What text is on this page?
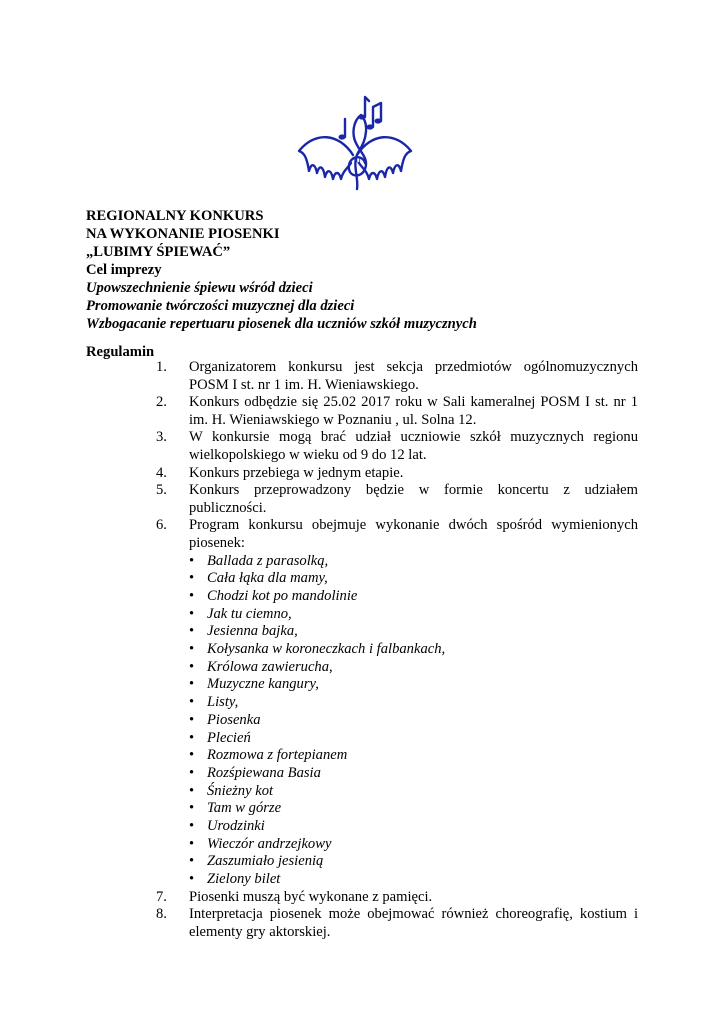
0
REGIONALNY KONKURS
NA WYKONANIE PIOSENKI
„LUBIMY ŚPIEWAĆ”
Cel imprezy
Upowszechnienie śpiewu wśród dzieci
Promowanie twórczości muzycznej dla dzieci
Wzbogacanie repertuaru piosenek dla uczniów szkół muzycznych
Regulamin
1. Organizatorem konkursu jest sekcja przedmiotów ogólnomuzycznych POSM I st. nr 1 im. H. Wieniawskiego.
2. Konkurs odbędzie się 25.02 2017 roku w Sali kameralnej POSM I st. nr 1 im. H. Wieniawskiego w Poznaniu , ul. Solna 12.
3. W konkursie mogą brać udział uczniowie szkół muzycznych regionu wielkopolskiego w wieku od 9 do 12 lat.
4. Konkurs przebiega w jednym etapie.
5. Konkurs przeprowadzony będzie w formie koncertu z udziałem publiczności.
6. Program konkursu obejmuje wykonanie dwóch spośród wymienionych piosenek:
• Ballada z parasolką,
• Cała łąka dla mamy,
• Chodzi kot po mandolinie
• Jak tu ciemno,
• Jesienna bajka,
• Kołysanka w koroneczkach i falbankach,
• Królowa zawierucha,
• Muzyczne kangury,
• Listy,
• Piosenka
• Plecień
• Rozmowa z fortepianem
• Rozśpiewana Basia
• Śnieżny kot
• Tam w górze
• Urodzinki
• Wieczór andrzejkowy
• Zaszumiało jesienią
• Zielony bilet
7. Piosenki muszą być wykonane z pamięci.
8. Interpretacja piosenek może obejmować również choreografię, kostium i elementy gry aktorskiej.
